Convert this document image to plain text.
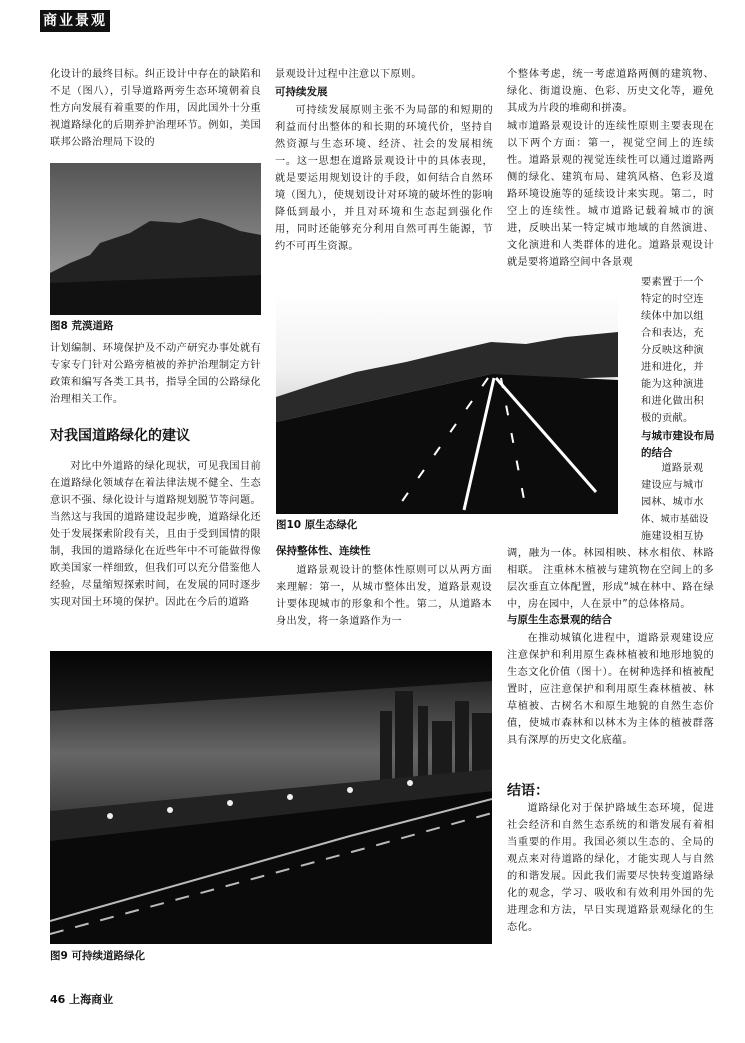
商业景观

化设计的最终目标。纠正设计中存在的缺陷和不足（图八），引导道路两旁生态环境朝着良性方向发展有着重要的作用，因此国外十分重视道路绿化的后期养护治理环节。例如，美国联邦公路治理局下设的

图8 荒漠道路

计划编制、环境保护及不动产研究办事处就有专家专门针对公路旁植被的养护治理制定方针政策和编写各类工具书，指导全国的公路绿化治理相关工作。

对我国道路绿化的建议

对比中外道路的绿化现状，可见我国目前在道路绿化领域存在着法律法规不健全、生态意识不强、绿化设计与道路规划脱节等问题。当然这与我国的道路建设起步晚，道路绿化还处于发展探索阶段有关，且由于受到国情的限制，我国的道路绿化在近些年中不可能做得像欧美国家一样细致，但我们可以充分借鉴他人经验，尽量缩短探索时间，在发展的同时逐步实现对国土环境的保护。因此在今后的道路

景观设计过程中注意以下原则。

可持续发展

可持续发展原则主张不为局部的和短期的利益而付出整体的和长期的环境代价，坚持自然资源与生态环境、经济、社会的发展相统一。这一思想在道路景观设计中的具体表现，就是要运用规划设计的手段，如何结合自然环境（图九），使规划设计对环境的破坏性的影响降低到最小，并且对环境和生态起到强化作用，同时还能够充分利用自然可再生能源，节约不可再生资源。

图10 原生态绿化
保持整体性、连续性

道路景观设计的整体性原则可以从两方面来理解：第一，从城市整体出发，道路景观设计要体现城市的形象和个性。第二，从道路本身出发，将一条道路作为一

个整体考虑，统一考虑道路两侧的建筑物、绿化、街道设施、色彩、历史文化等，避免其成为片段的堆砌和拼凑。

城市道路景观设计的连续性原则主要表现在以下两个方面：第一，视觉空间上的连续性。道路景观的视觉连续性可以通过道路两侧的绿化、建筑布局、建筑风格、色彩及道路环境设施等的延续设计来实现。第二，时空上的连续性。城市道路记载着城市的演进，反映出某一特定城市地域的自然演进、文化演进和人类群体的进化。道路景观设计就是要将道路空间中各景观

要素置于一个

特定的时空连

续体中加以组

合和表达，充

分反映这种演

进和进化，并

能为这种演进

和进化做出积

极的贡献。

与城市建设布局

的结合

道路景观

建设应与城市

园林、城市水

体、城市基础设

施建设相互协

调，融为一体。林园相映、林水相依、林路相联。 注重林木植被与建筑物在空间上的多层次垂直立体配置，形成“城在林中、路在绿中，房在园中，人在景中”的总体格局。

与原生生态景观的结合

在推动城镇化进程中，道路景观建设应注意保护和利用原生森林植被和地形地貌的生态文化价值（图十）。在树种选择和植被配置时，应注意保护和利用原生森林植被、林草植被、古树名木和原生地貌的自然生态价值，使城市森林和以林木为主体的植被群落具有深厚的历史文化底蕴。

结语：

道路绿化对于保护路域生态环境，促进社会经济和自然生态系统的和谐发展有着相当重要的作用。我国必须以生态的、全局的观点来对待道路的绿化，才能实现人与自然的和谐发展。因此我们需要尽快转变道路绿化的观念，学习、吸收和有效利用外国的先进理念和方法，早日实现道路景观绿化的生态化。

图9 可持续道路绿化
46 上海商业
